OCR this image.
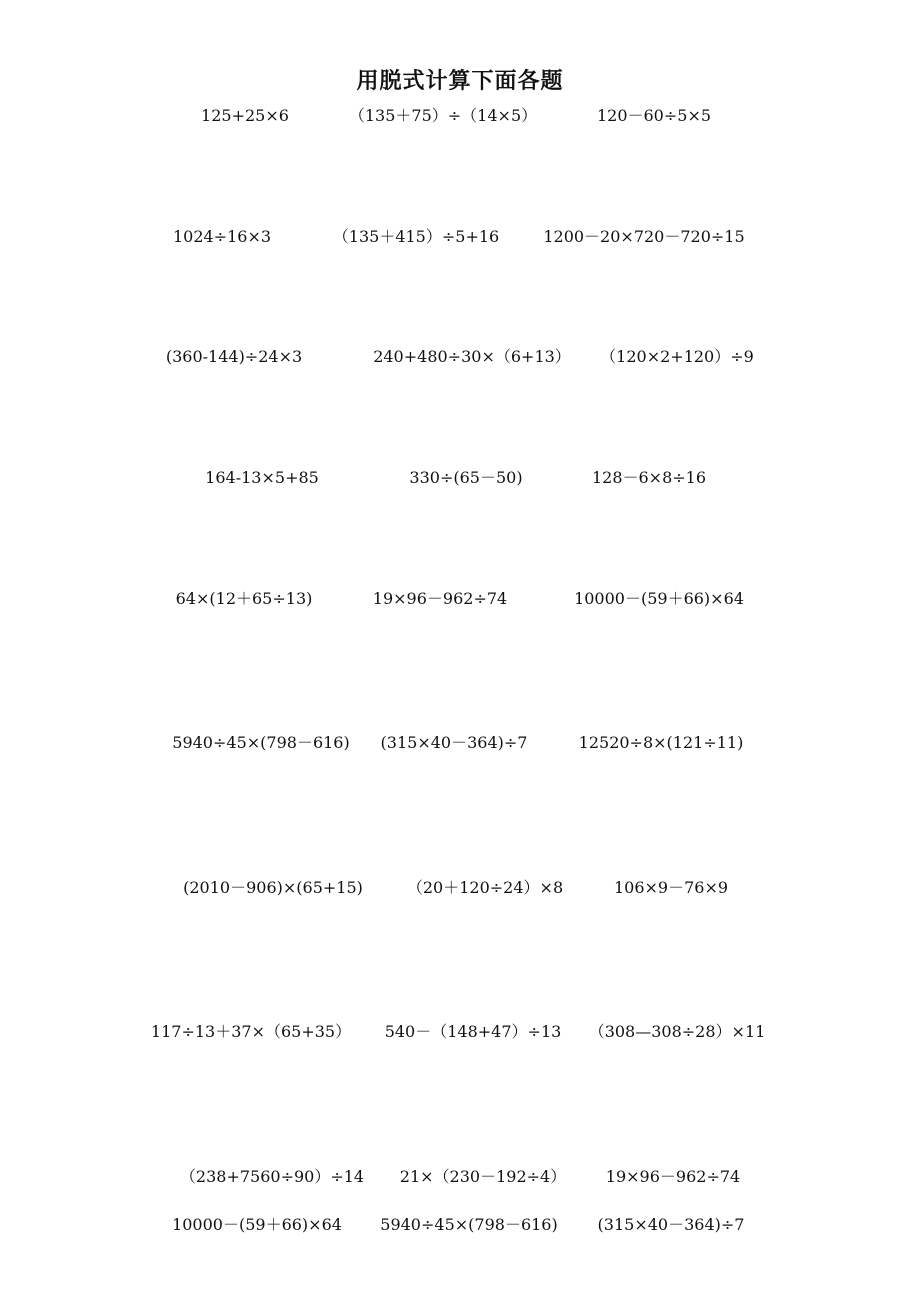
用脱式计算下面各题
125+25×6	（135＋75）÷（14×5）	120－60÷5×5
1024÷16×3	（135＋415）÷5+16	1200－20×720－720÷15
(360-144)÷24×3	240+480÷30×（6+13） （120×2+120）÷9
164-13×5+85	330÷(65－50)	128－6×8÷16
64×(12＋65÷13)	19×96－962÷74	10000－(59＋66)×64
5940÷45×(798－616) (315×40－364)÷7	12520÷8×(121÷11)
(2010－906)×(65+15)	（20＋120÷24）×8	106×9－76×9
117÷13＋37×（65+35） 540－（148+47）÷13 （308—308÷28）×11
（238+7560÷90）÷14 21×（230－192÷4） 19×96－962÷74
10000－(59＋66)×64 5940÷45×(798－616) (315×40－364)÷7
